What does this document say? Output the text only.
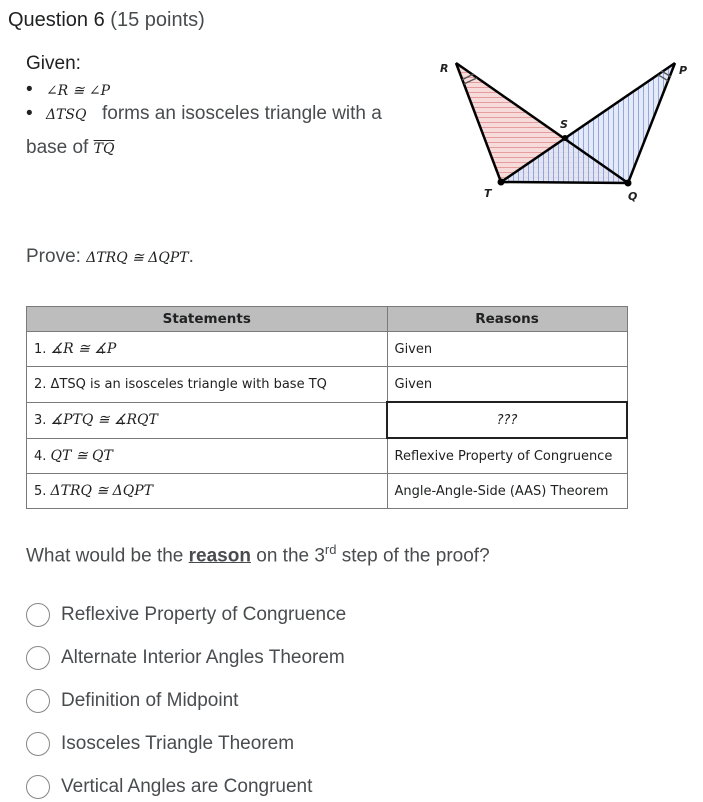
Question 6 (15 points)
Given:
• ∠R ≅ ∠P
• ΔTSQ forms an isosceles triangle with a
base of $\overline{TQ}$
Prove: ΔTRQ ≅ ΔQPT.
R	P
S
T	Q
Statements	Reasons
1. ∡R ≅ ∡P	Given
2. ΔTSQ is an isosceles triangle with base TQ	Given
3. ∡PTQ ≅ ∡RQT	???
4. QT ≅ QT	Reflexive Property of Congruence
5. ΔTRQ ≅ ΔQPT	Angle-Angle-Side (AAS) Theorem
What would be the reason on the 3rd step of the proof?
Reflexive Property of Congruence
Alternate Interior Angles Theorem
Definition of Midpoint
Isosceles Triangle Theorem
Vertical Angles are Congruent
